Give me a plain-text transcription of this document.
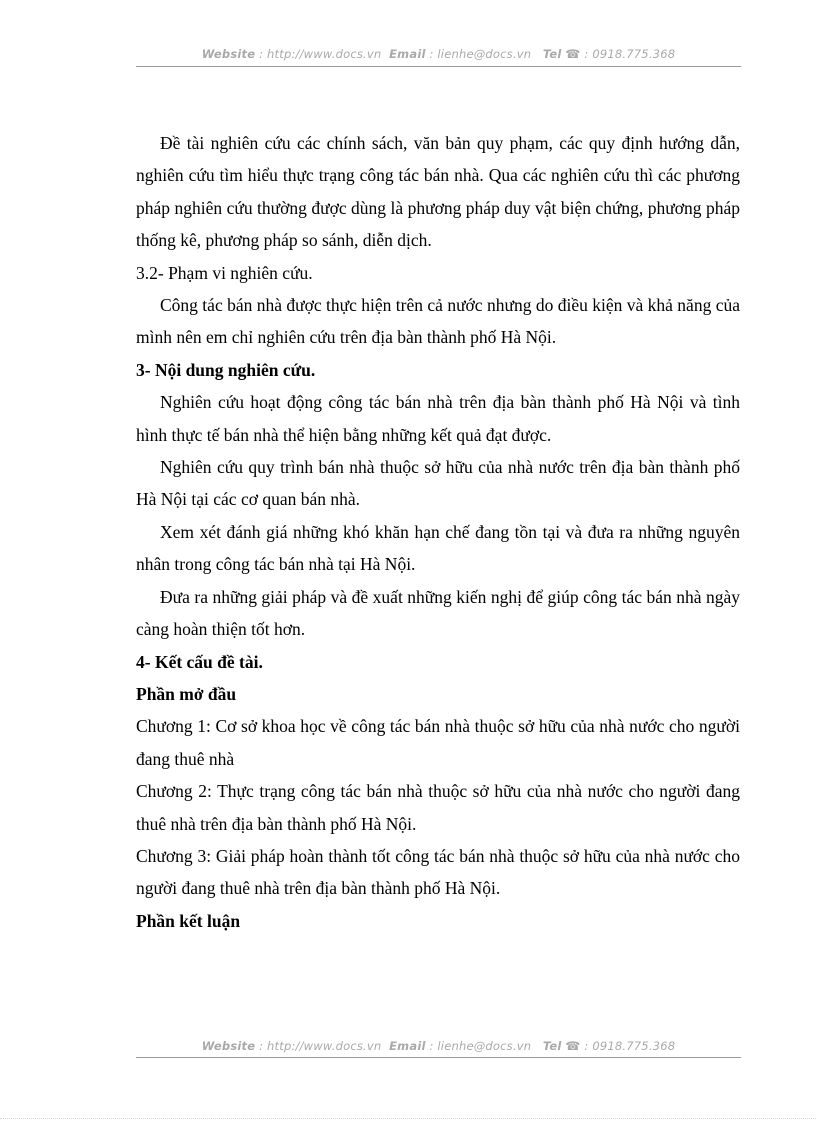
Website : http://www.docs.vn Email : lienhe@docs.vn Tel ☎ : 0918.775.368

Đề tài nghiên cứu các chính sách, văn bản quy phạm, các quy định hướng dẫn, nghiên cứu tìm hiểu thực trạng công tác bán nhà. Qua các nghiên cứu thì các phương pháp nghiên cứu thường được dùng là phương pháp duy vật biện chứng, phương pháp thống kê, phương pháp so sánh, diễn dịch.

3.2- Phạm vi nghiên cứu.

Công tác bán nhà được thực hiện trên cả nước nhưng do điều kiện và khả năng của mình nên em chỉ nghiên cứu trên địa bàn thành phố Hà Nội.

3- Nội dung nghiên cứu.

Nghiên cứu hoạt động công tác bán nhà trên địa bàn thành phố Hà Nội và tình hình thực tế bán nhà thể hiện bằng những kết quả đạt được.

Nghiên cứu quy trình bán nhà thuộc sở hữu của nhà nước trên địa bàn thành phố Hà Nội tại các cơ quan bán nhà.

Xem xét đánh giá những khó khăn hạn chế đang tồn tại và đưa ra những nguyên nhân trong công tác bán nhà tại Hà Nội.

Đưa ra những giải pháp và đề xuất những kiến nghị để giúp công tác bán nhà ngày càng hoàn thiện tốt hơn.

4- Kết cấu đề tài.

Phần mở đầu

Chương 1: Cơ sở khoa học về công tác bán nhà thuộc sở hữu của nhà nước cho người đang thuê nhà

Chương 2: Thực trạng công tác bán nhà thuộc sở hữu của nhà nước cho người đang thuê nhà trên địa bàn thành phố Hà Nội.

Chương 3: Giải pháp hoàn thành tốt công tác bán nhà thuộc sở hữu của nhà nước cho người đang thuê nhà trên địa bàn thành phố Hà Nội.

Phần kết luận

Website : http://www.docs.vn Email : lienhe@docs.vn Tel ☎ : 0918.775.368
